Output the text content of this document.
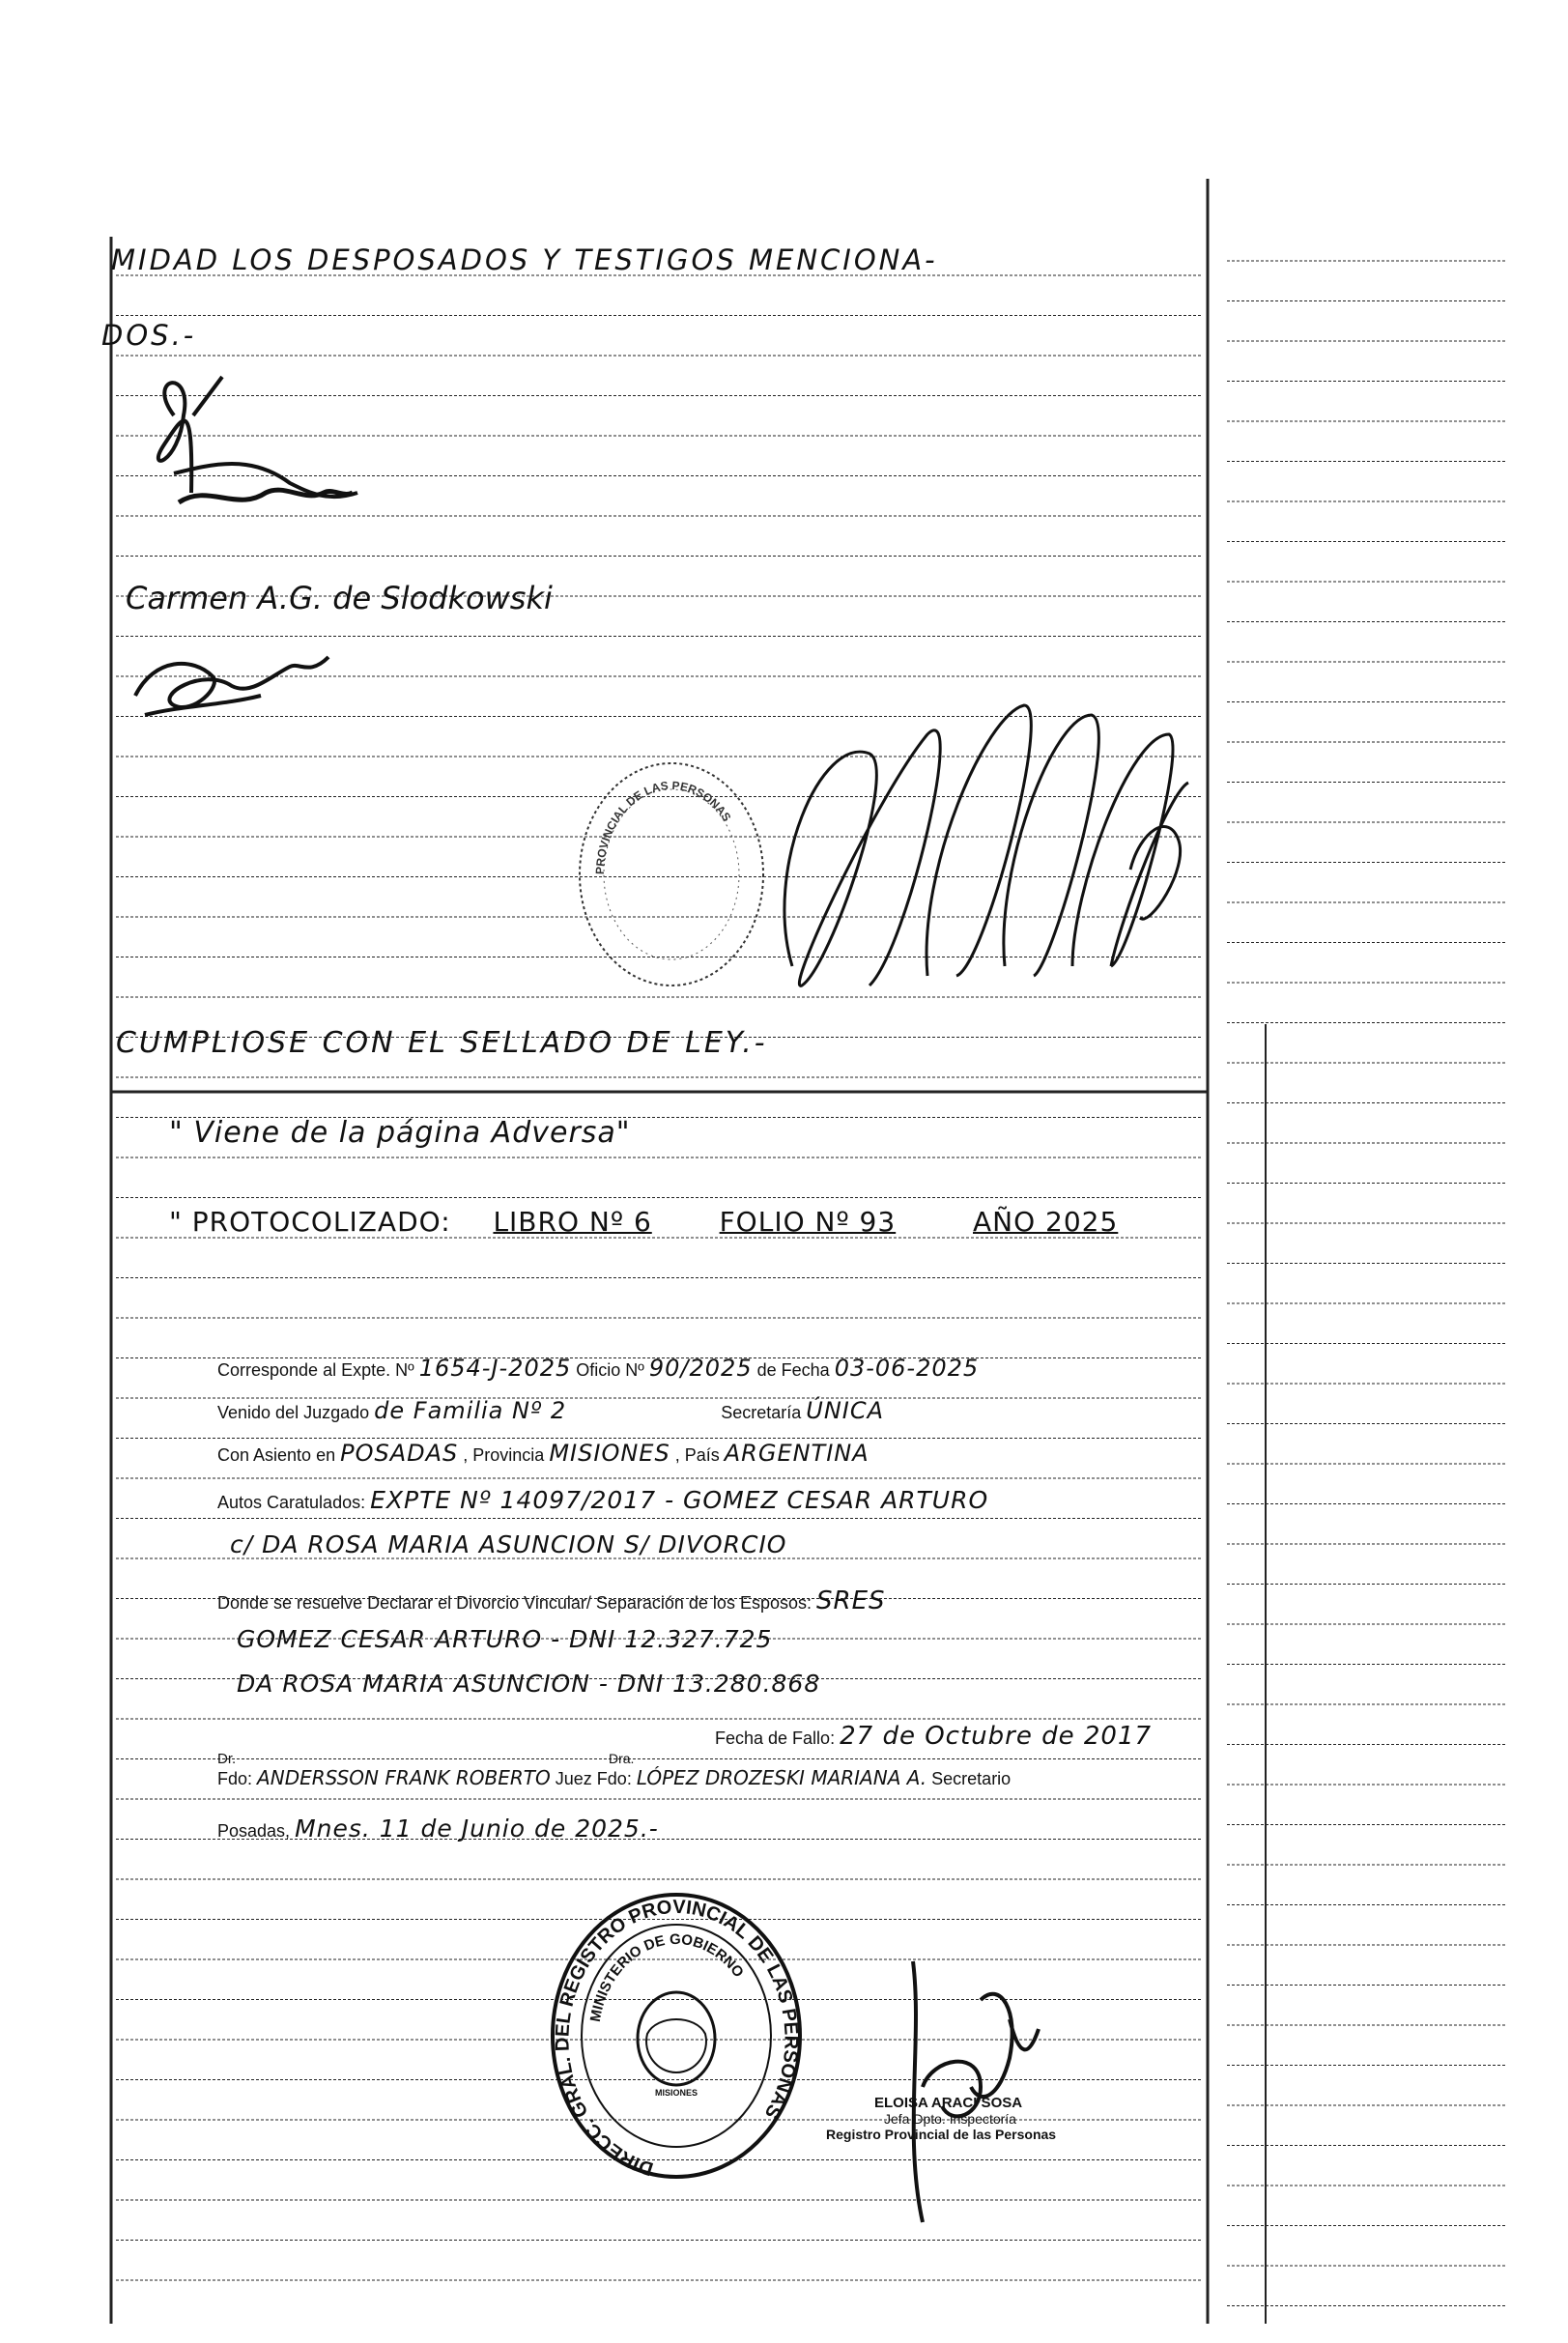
MIDAD LOS DESPOSADOS Y TESTIGOS MENCIONA-
DOS.-
Carmen A.G. de Slodkowski
PROVINCIAL DE LAS PERSONAS
CUMPLIOSE CON EL SELLADO DE LEY.-
" Viene de la página Adversa"
" PROTOCOLIZADO: LIBRO Nº 6 FOLIO Nº 93	AÑO 2025
Corresponde al Expte. Nº 1654-J-2025 Oficio Nº 90/2025 de Fecha 03-06-2025
Venido del Juzgado de Familia Nº 2	Secretaría ÚNICA
Con Asiento en POSADAS , Provincia MISIONES , País ARGENTINA
Autos Caratulados: EXPTE Nº 14097/2017 - GOMEZ CESAR ARTURO
c/ DA ROSA MARIA ASUNCION S/ DIVORCIO
Donde se resuelve Declarar el Divorcio Vincular/ Separación de los Esposos: SRES
GOMEZ CESAR ARTURO - DNI 12.327.725
DA ROSA MARIA ASUNCION - DNI 13.280.868
Fecha de Fallo: 27 de Octubre de 2017
Dr.
Fdo: ANDERSSON FRANK ROBERTO Juez Fdo: LÓPEZ DROZESKI MARIANA A. Secretario
Dra.
Posadas, Mnes. 11 de Junio de 2025.-
DIRECC. GRAL. DEL REGISTRO PROVINCIAL DE LAS PERSONAS
MINISTERIO DE GOBIERNO
MISIONES
ELOISA ARACI SOSA
Jefa Dpto. Inspectoría
Registro Provincial de las Personas
